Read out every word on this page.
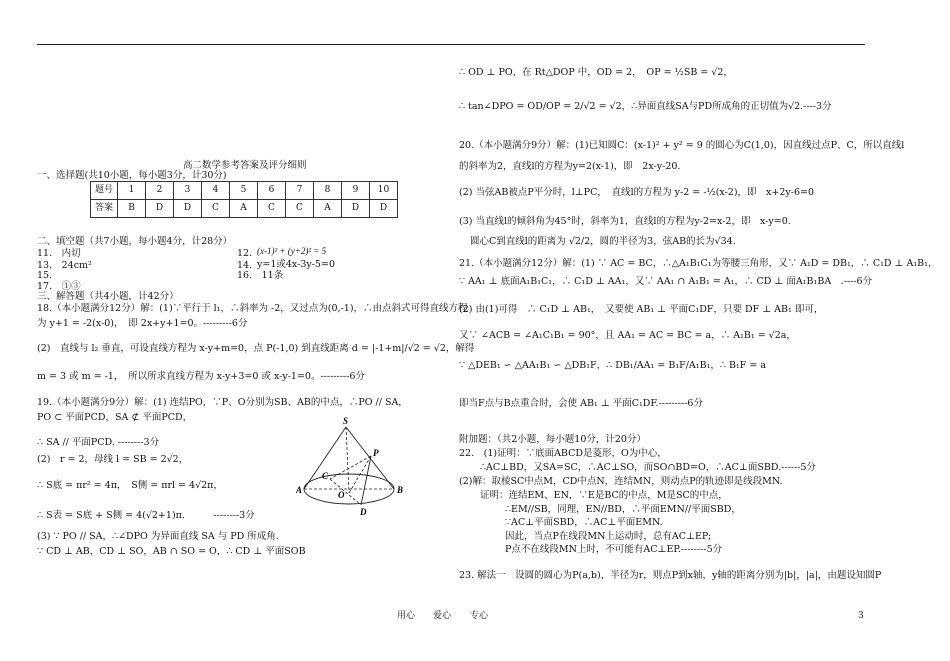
高二数学参考答案及评分细则
一、选择题(共10小题，每小题3分，计30分)
题号	1	2	3	4	5	6	7	8	9	10
答案	B	D	D	C	A	C	C	A	D	D
二、填空题（共7小题，每小题4分，计28分）
11.　内切	12. (x-1)² + (y+2)² = 5
13.　24cm²	14. y=1或4x-3y-5=0
15.	16.　11条
17.　①③
三、解答题（共4小题，计42分）
18.（本小题满分12分）解：(1)∵平行于 l₁，∴斜率为 -2，又过点为(0,-1)，∴由点斜式可得直线方程
为 y+1 = -2(x-0)，　即 2x+y+1=0。---------6分
(2)　直线与 l₂ 垂直，可设直线方程为 x-y+m=0，点 P(-1,0) 到直线距离 d = |-1+m|/√2 = √2，解得
m = 3 或 m = -1，　所以所求直线方程为 x-y+3=0 或 x-y-1=0。---------6分
19.（本小题满分9分）解：(1) 连结PO，∵P、O分别为SB、AB的中点，∴PO // SA，
PO ⊂ 平面PCD，SA ⊄ 平面PCD，
∴ SA // 平面PCD. --------3分
(2)　r = 2，母线 l = SB = 2√2，
∴ S底 = πr² = 4π，　S侧 = πrl = 4√2π，
∴ S表 = S底 + S侧 = 4(√2+1)π.　　　--------3分
(3) ∵ PO // SA，∴∠DPO 为异面直线 SA 与 PD 所成角.
∵ CD ⊥ AB，CD ⊥ SO，AB ∩ SO = O，∴ CD ⊥ 平面SOB
S
P
C
O
A	B
D
∴ OD ⊥ PO，在 Rt△DOP 中，OD = 2，　OP = ½SB = √2，
∴ tan∠DPO = OD/OP = 2/√2 = √2，∴异面直线SA与PD所成角的正切值为√2.----3分
20.（本小题满分9分）解：(1)已知圆C：(x-1)² + y² = 9 的圆心为C(1,0)，因直线过点P、C，所以直线l
的斜率为2，直线l的方程为y=2(x-1)，即　2x-y-20.
(2) 当弦AB被点P平分时，l⊥PC，　直线l的方程为 y-2 = -½(x-2)，即　x+2y-6=0
(3) 当直线l的倾斜角为45°时，斜率为1，直线l的方程为y-2=x-2，即　x-y=0.
圆心C到直线l的距离为 √2/2，圆的半径为3，弦AB的长为√34.
21.（本小题满分12分）解：(1) ∵ AC = BC，∴△A₁B₁C₁为等腰三角形，又∵ A₁D = DB₁，∴ C₁D ⊥ A₁B₁，
∵ AA₁ ⊥ 底面A₁B₁C₁，∴ C₁D ⊥ AA₁，又∵ AA₁ ∩ A₁B₁ = A₁，∴ CD ⊥ 面A₁B₁BA　.----6分
(2) 由(1)可得　∴ C₁D ⊥ AB₁，　又要使 AB₁ ⊥ 平面C₁DF，只要 DF ⊥ AB₁ 即可，
又∵ ∠ACB = ∠A₁C₁B₁ = 90°，且 AA₁ = AC = BC = a，∴ A₁B₁ = √2a，
∵ △DEB₁ ∽ △AA₁B₁ ∽ △DB₁F，∴ DB₁/AA₁ = B₁F/A₁B₁，∴ B₁F = a
即当F点与B点重合时，会使 AB₁ ⊥ 平面C₁DF.---------6分
附加题：（共2小题，每小题10分，计20分）
22.　(1)证明：∵底面ABCD是菱形，O为中心，
∴AC⊥BD，又SA=SC，∴AC⊥SO，而SO∩BD=O，∴AC⊥面SBD.------5分
(2)解：取棱SC中点M，CD中点N，连结MN，则动点P的轨迹即是线段MN.
证明：连结EM、EN，∵E是BC的中点，M是SC的中点，
∴EM//SB，同理，EN//BD，∴平面EMN//平面SBD，
∵AC⊥平面SBD，∴AC⊥平面EMN.
因此，当点P在线段MN上运动时，总有AC⊥EP;
P点不在线段MN上时，不可能有AC⊥EP.--------5分
23. 解法一　设圆的圆心为P(a,b)，半径为r，则点P到x轴，y轴的距离分别为|b|，|a|，由题设知圆P
用心 爱心 专心	3
